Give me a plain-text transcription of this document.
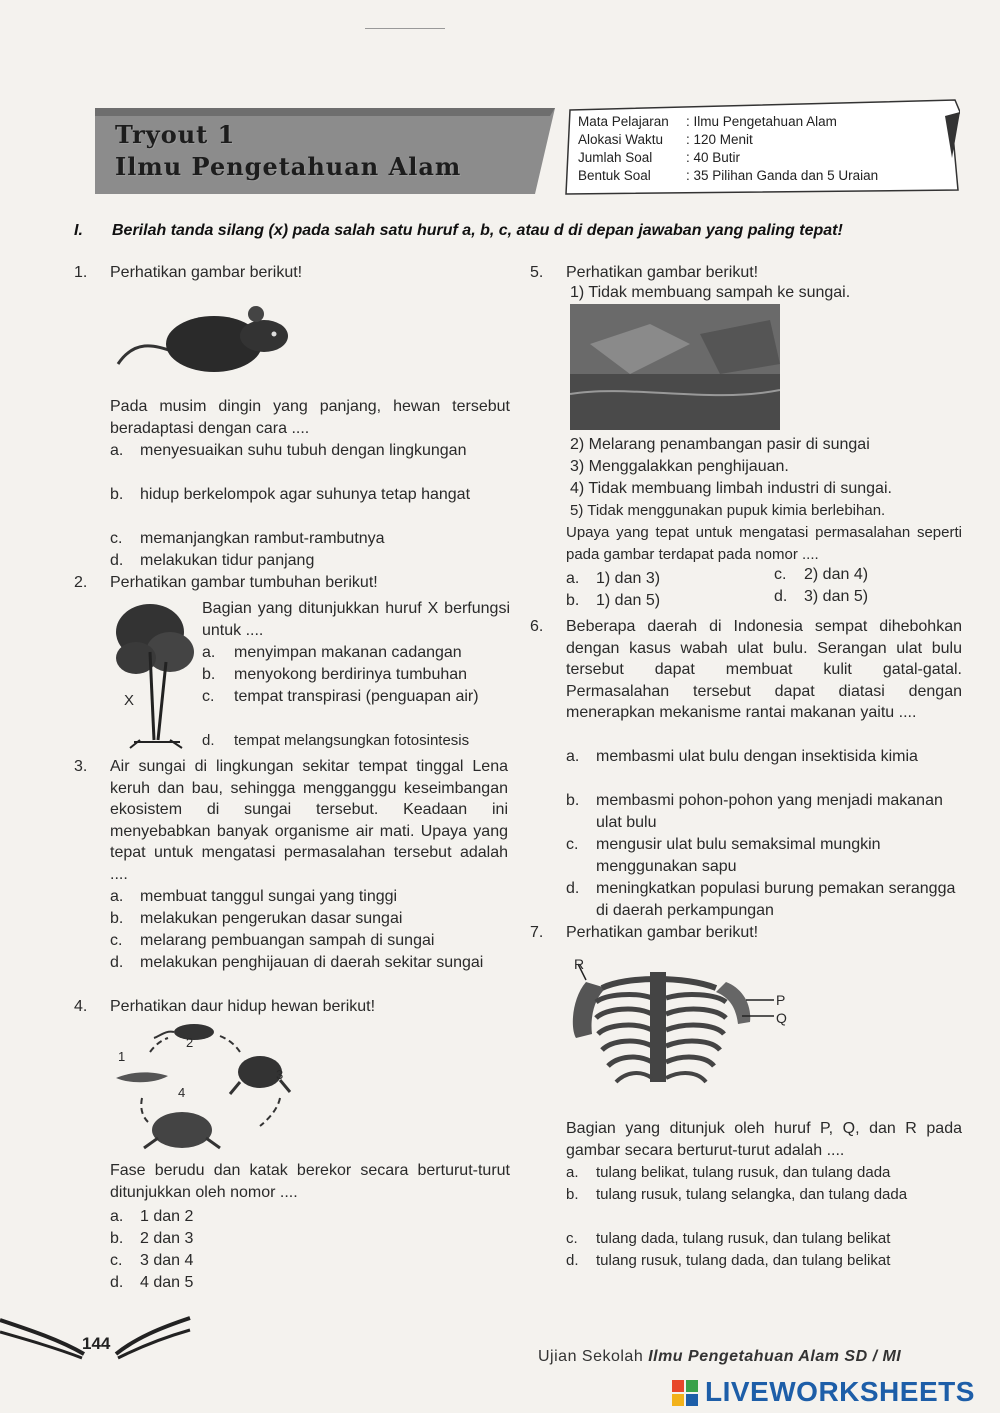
Tryout 1
Ilmu Pengetahuan Alam
Mata Pelajaran : Ilmu Pengetahuan Alam
Alokasi Waktu : 120 Menit
Jumlah Soal : 40 Butir
Bentuk Soal	: 35 Pilihan Ganda dan 5 Uraian
I. Berilah tanda silang (x) pada salah satu huruf a, b, c, atau d di depan jawaban yang paling tepat!
1. Perhatikan gambar berikut!
Pada musim dingin yang panjang, hewan tersebut beradaptasi dengan cara ....
a. menyesuaikan suhu tubuh dengan lingkungan
b. hidup berkelompok agar suhunya tetap hangat
c. memanjangkan rambut-rambutnya
d. melakukan tidur panjang
2. Perhatikan gambar tumbuhan berikut!
X
Bagian yang ditunjukkan huruf X berfungsi untuk ....
a. menyimpan makanan cadangan
b. menyokong berdirinya tumbuhan
c. tempat transpirasi (penguapan air)
d. tempat melangsungkan fotosintesis
3. Air sungai di lingkungan sekitar tempat tinggal Lena keruh dan bau, sehingga mengganggu keseimbangan ekosistem di sungai tersebut. Keadaan ini menyebabkan banyak organisme air mati. Upaya yang tepat untuk mengatasi permasalahan tersebut adalah ....
a. membuat tanggul sungai yang tinggi
b. melakukan pengerukan dasar sungai
c. melarang pembuangan sampah di sungai
d. melakukan penghijauan di daerah sekitar sungai
4. Perhatikan daur hidup hewan berikut!
1
2
3
4
Fase berudu dan katak berekor secara berturut-turut ditunjukkan oleh nomor ....
a. 1 dan 2
b. 2 dan 3
c. 3 dan 4
d. 4 dan 5
5. Perhatikan gambar berikut!
1) Tidak membuang sampah ke sungai.
2) Melarang penambangan pasir di sungai
3) Menggalakkan penghijauan.
4) Tidak membuang limbah industri di sungai.
5) Tidak menggunakan pupuk kimia berlebihan.
Upaya yang tepat untuk mengatasi permasalahan seperti pada gambar terdapat pada nomor ....
a. 1) dan 3)
b. 1) dan 5)
c. 2) dan 4)
d. 3) dan 5)
6. Beberapa daerah di Indonesia sempat dihebohkan dengan kasus wabah ulat bulu. Serangan ulat bulu tersebut dapat membuat kulit gatal-gatal. Permasalahan tersebut dapat diatasi dengan menerapkan mekanisme rantai makanan yaitu ....
a. membasmi ulat bulu dengan insektisida kimia
b. membasmi pohon-pohon yang menjadi makanan ulat bulu
c. mengusir ulat bulu semaksimal mungkin menggunakan sapu
d. meningkatkan populasi burung pemakan serangga di daerah perkampungan
7. Perhatikan gambar berikut!
R
P
Q
Bagian yang ditunjuk oleh huruf P, Q, dan R pada gambar secara berturut-turut adalah ....
a. tulang belikat, tulang rusuk, dan tulang dada
b. tulang rusuk, tulang selangka, dan tulang dada
c. tulang dada, tulang rusuk, dan tulang belikat
d. tulang rusuk, tulang dada, dan tulang belikat
144
Ujian Sekolah Ilmu Pengetahuan Alam SD / MI
LIVEWORKSHEETS
